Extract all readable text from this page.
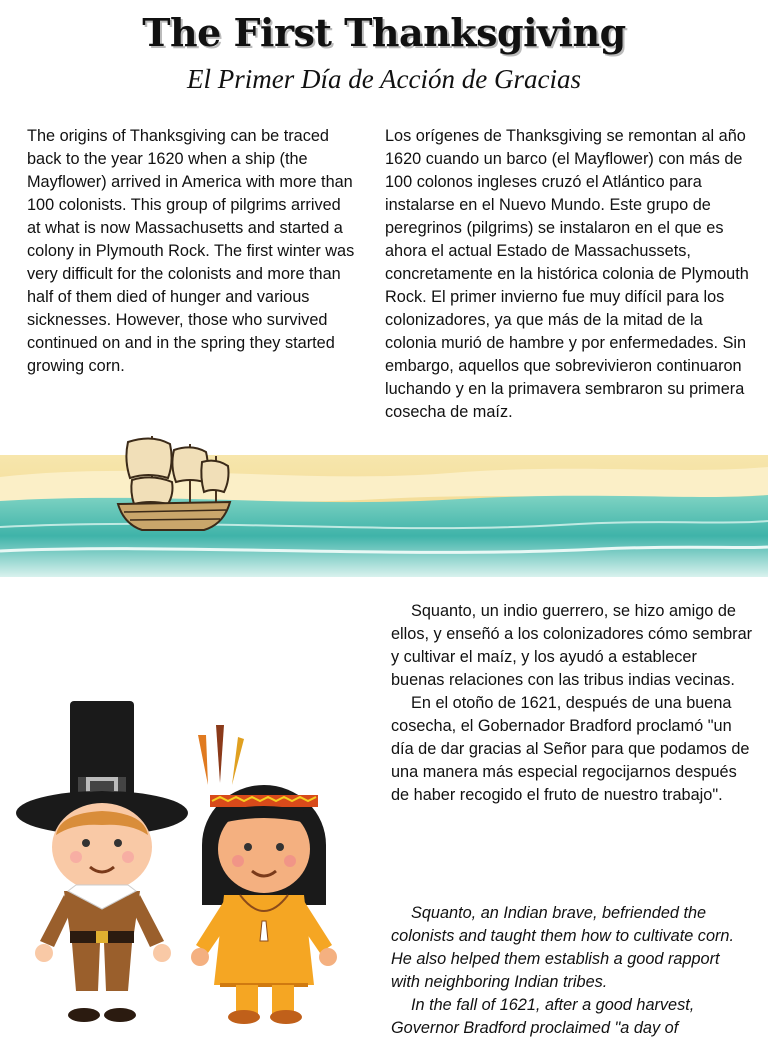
The First Thanksgiving
El Primer Día de Acción de Gracias
The origins of Thanksgiving can be traced back to the year 1620 when a ship (the Mayflower) arrived in America with more than 100 colonists. This group of pilgrims arrived at what is now Massachusetts and started a colony in Plymouth Rock. The first winter was very difficult for the colonists and more than half of them died of hunger and various sicknesses. However, those who survived continued on and in the spring they started growing corn.
Los orígenes de Thanksgiving se remontan al año 1620 cuando un barco (el Mayflower) con más de 100 colonos ingleses cruzó el Atlántico para instalarse en el Nuevo Mundo. Este grupo de peregrinos (pilgrims) se instalaron en el que es ahora el actual Estado de Massachussets, concretamente en la histórica colonia de Plymouth Rock. El primer invierno fue muy difícil para los colonizadores, ya que más de la mitad de la colonia murió de hambre y por enfermedades. Sin embargo, aquellos que sobrevivieron continuaron luchando y en la primavera sembraron su primera cosecha de maíz.

Squanto, un indio guerrero, se hizo amigo de ellos, y enseñó a los colonizadores cómo sembrar y cultivar el maíz, y los ayudó a establecer buenas relaciones con las tribus indias vecinas.

En el otoño de 1621, después de una buena cosecha, el Gobernador Bradford proclamó "un día de dar gracias al Señor para que podamos de una manera más especial regocijarnos después de haber recogido el fruto de nuestro trabajo".

Squanto, an Indian brave, befriended the colonists and taught them how to cultivate corn. He also helped them establish a good rapport with neighboring Indian tribes.

In the fall of 1621, after a good harvest, Governor Bradford proclaimed "a day of
